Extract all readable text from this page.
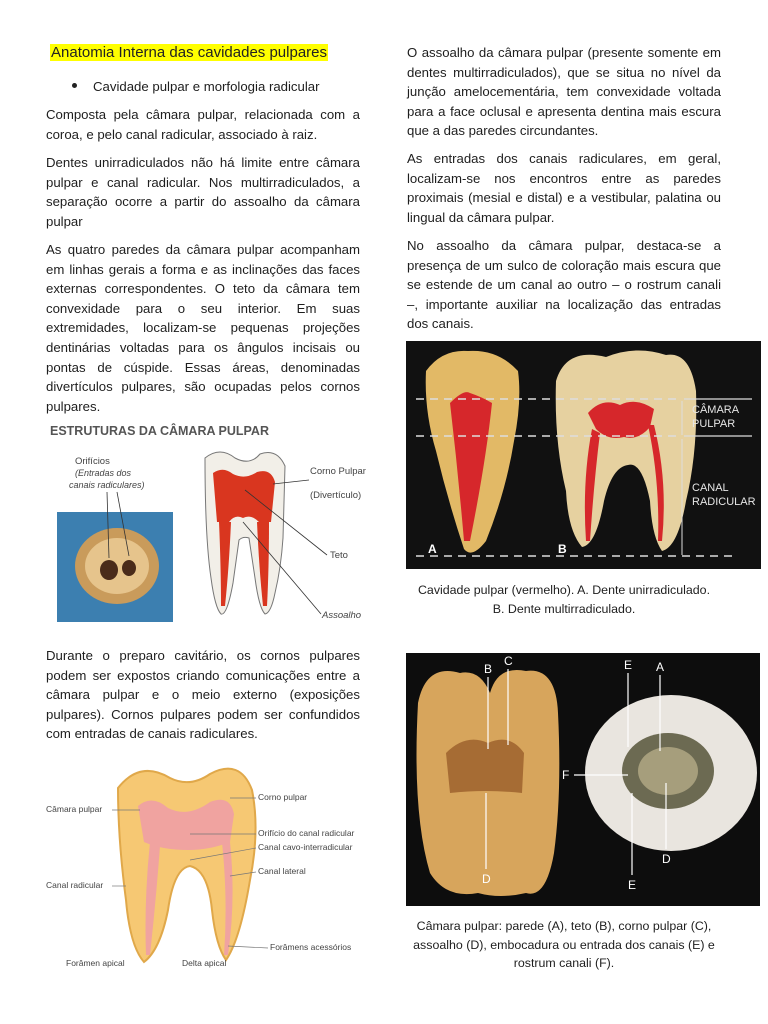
Anatomia Interna das cavidades pulpares
Cavidade pulpar e morfologia radicular

Composta pela câmara pulpar, relacionada com a coroa, e pelo canal radicular, associado à raiz.

Dentes unirradiculados não há limite entre câmara pulpar e canal radicular. Nos multirradiculados, a separação ocorre a partir do assoalho da câmara pulpar

As quatro paredes da câmara pulpar acompanham em linhas gerais a forma e as inclinações das faces externas correspondentes. O teto da câmara tem convexidade para o seu interior. Em suas extremidades, localizam-se pequenas projeções dentinárias voltadas para os ângulos incisais ou pontas de cúspide. Essas áreas, denominadas divertículos pulpares, são ocupadas pelos cornos pulpares.

Durante o preparo cavitário, os cornos pulpares podem ser expostos criando comunicações entre a câmara pulpar e o meio externo (exposições pulpares). Cornos pulpares podem ser confundidos com entradas de canais radiculares.

O assoalho da câmara pulpar (presente somente em dentes multirradiculados), que se situa no nível da junção amelocementária, tem convexidade voltada para a face oclusal e apresenta dentina mais escura que a das paredes circundantes.

As entradas dos canais radiculares, em geral, localizam-se nos encontros entre as paredes proximais (mesial e distal) e a vestibular, palatina ou lingual da câmara pulpar.

No assoalho da câmara pulpar, destaca-se a presença de um sulco de coloração mais escura que se estende de um canal ao outro – o rostrum canali –, importante auxiliar na localização das entradas dos canais.

ESTRUTURAS DA CÂMARA PULPAR
Orifícios
(Entradas dos
canais radiculares)
Corno Pulpar
(Divertículo)
Teto
Assoalho
CÂMARA
PULPAR
CANAL
RADICULAR
A	B
Cavidade pulpar (vermelho). A. Dente unirradiculado.
B. Dente multirradiculado.
Câmara pulpar
Canal radicular
Forâmen apical	Delta apical
Corno pulpar
Orifício do canal radicular
Canal cavo-interradicular
Canal lateral
Forâmens acessórios
B
C
D
E A
F
D
E
Câmara pulpar: parede (A), teto (B), corno pulpar (C),
assoalho (D), embocadura ou entrada dos canais (E) e
rostrum canali (F).
